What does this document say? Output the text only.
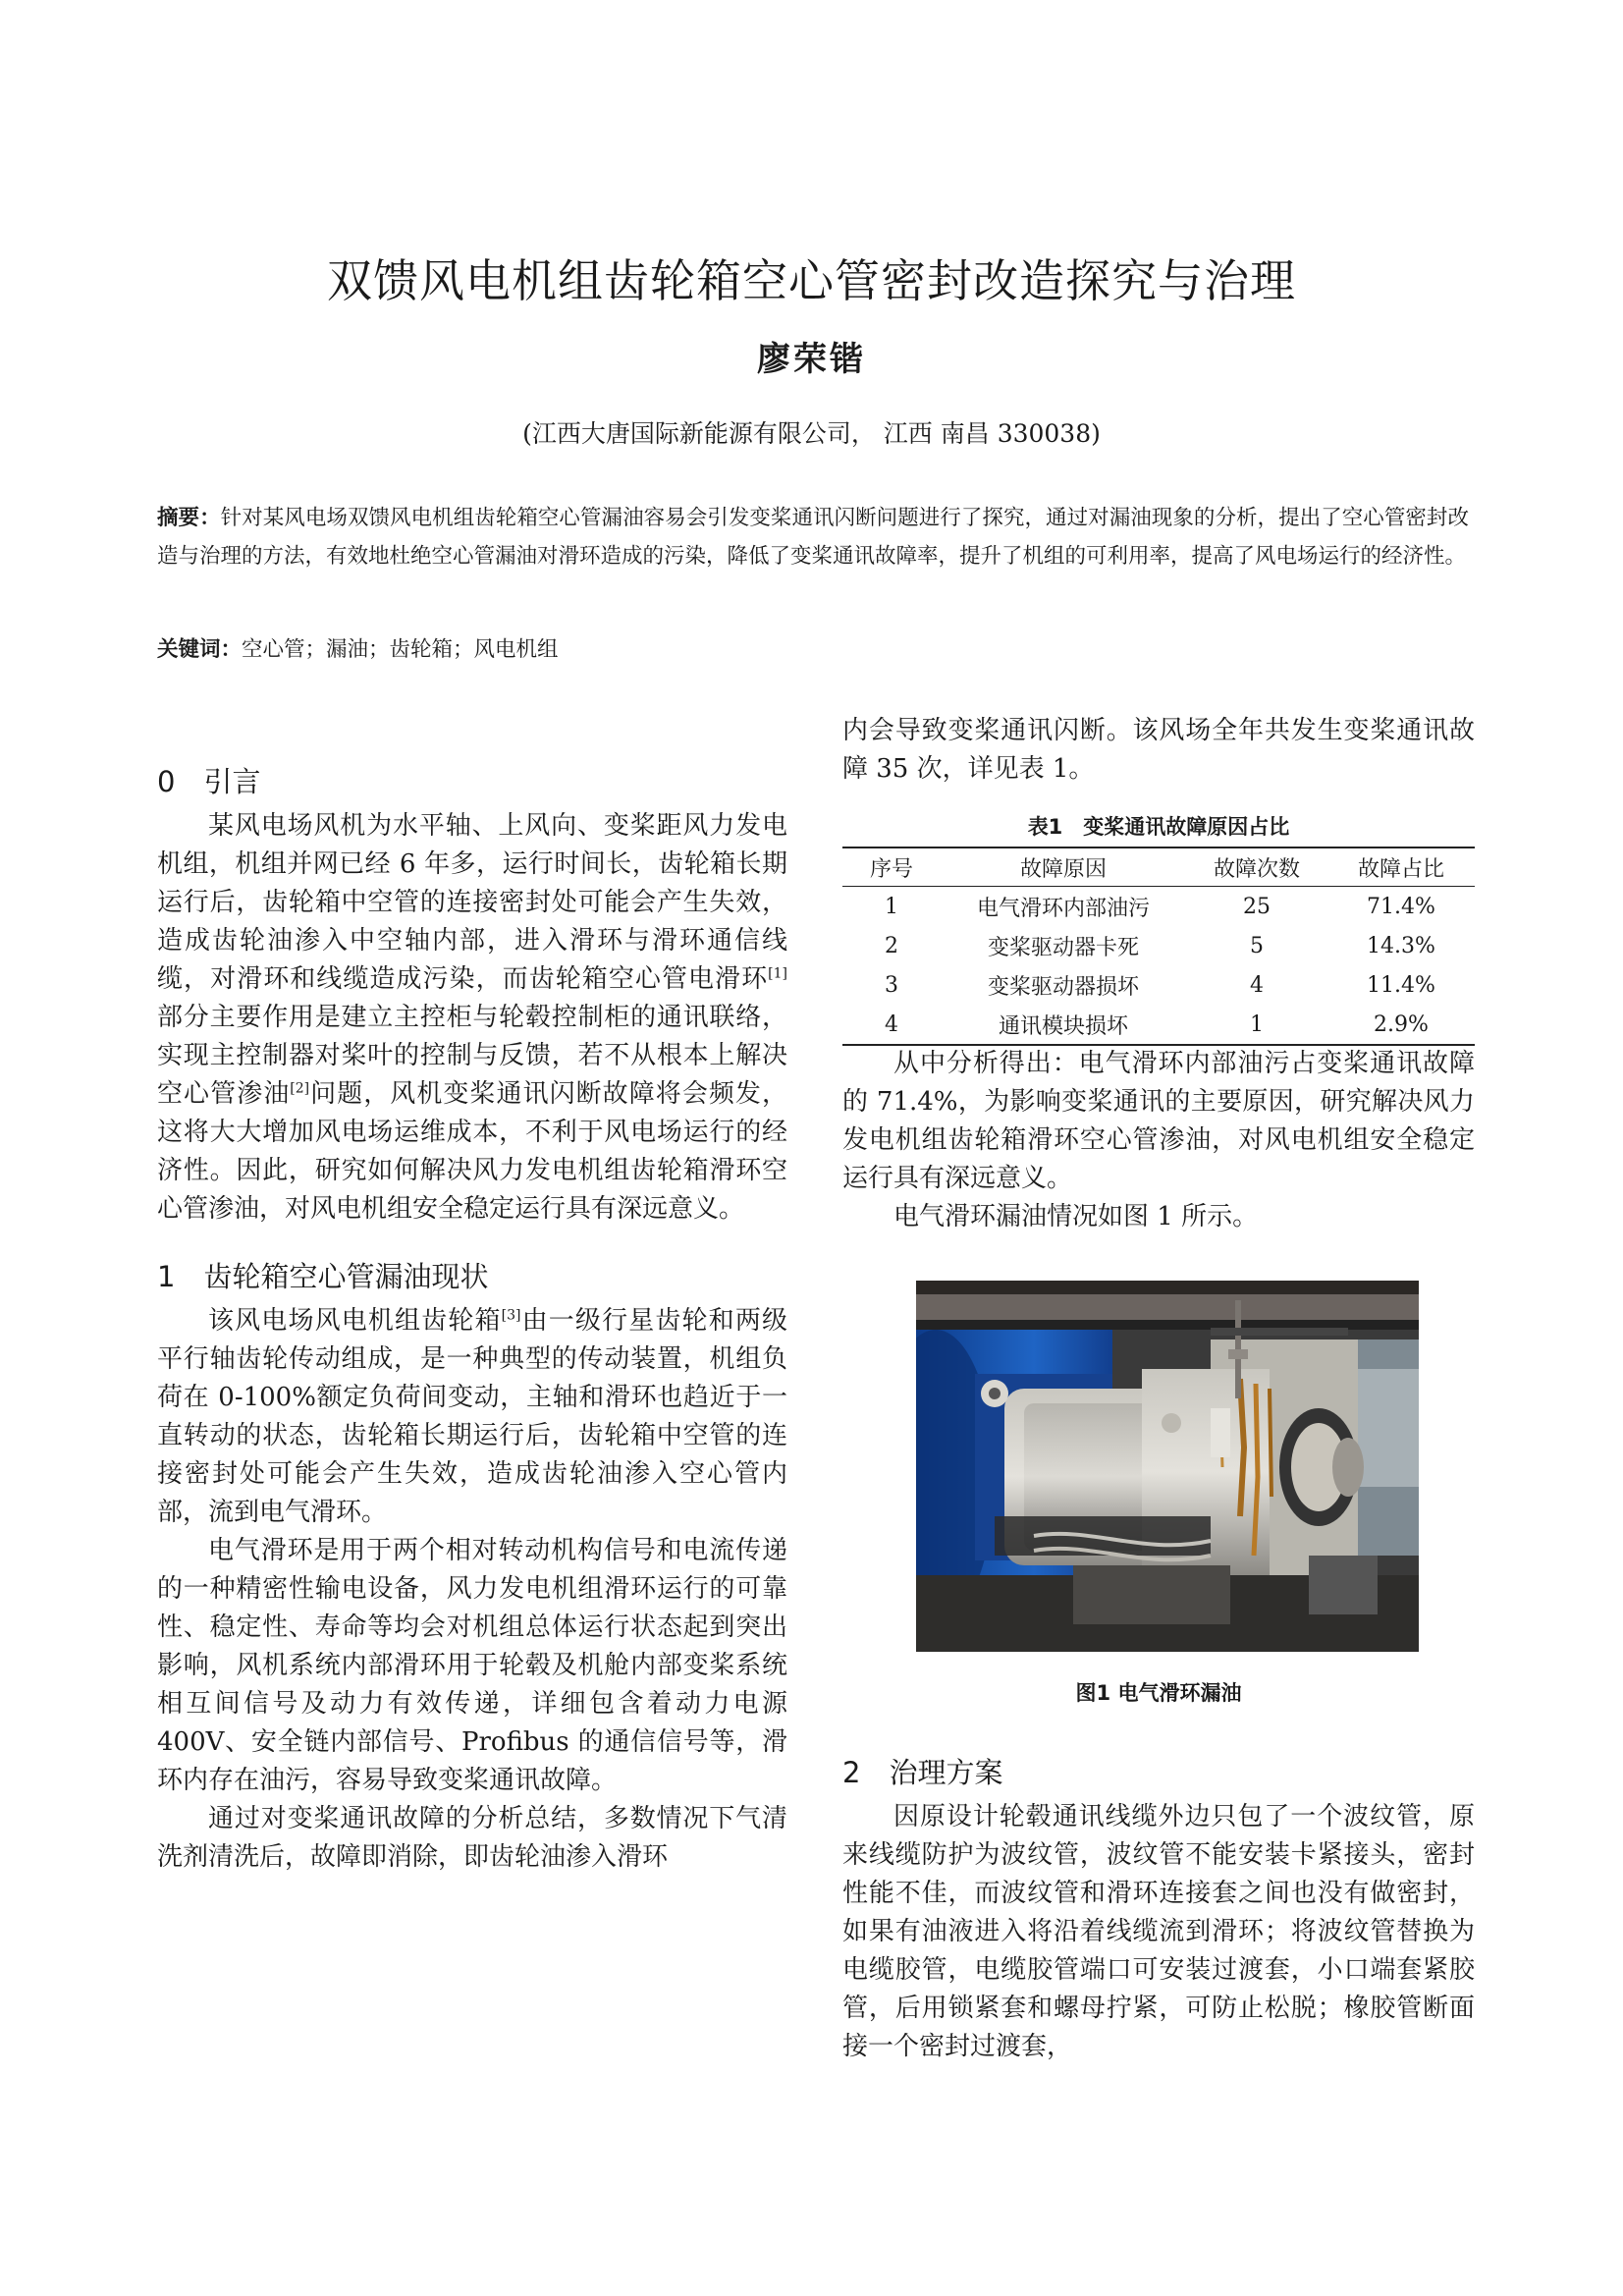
双馈风电机组齿轮箱空心管密封改造探究与治理
廖荣锴
(江西大唐国际新能源有限公司， 江西 南昌 330038)
摘要：针对某风电场双馈风电机组齿轮箱空心管漏油容易会引发变桨通讯闪断问题进行了探究，通过对漏油现象的分析，提出了空心管密封改造与治理的方法，有效地杜绝空心管漏油对滑环造成的污染，降低了变桨通讯故障率，提升了机组的可利用率，提高了风电场运行的经济性。
关键词：空心管；漏油；齿轮箱；风电机组

0　引言

某风电场风机为水平轴、上风向、变桨距风力发电机组，机组并网已经 6 年多，运行时间长，齿轮箱长期运行后，齿轮箱中空管的连接密封处可能会产生失效，造成齿轮油渗入中空轴内部，进入滑环与滑环通信线缆，对滑环和线缆造成污染，而齿轮箱空心管电滑环[1]部分主要作用是建立主控柜与轮毂控制柜的通讯联络，实现主控制器对桨叶的控制与反馈，若不从根本上解决空心管渗油[2]问题，风机变桨通讯闪断故障将会频发，这将大大增加风电场运维成本，不利于风电场运行的经济性。因此，研究如何解决风力发电机组齿轮箱滑环空心管渗油，对风电机组安全稳定运行具有深远意义。

1　齿轮箱空心管漏油现状

该风电场风电机组齿轮箱[3]由一级行星齿轮和两级平行轴齿轮传动组成，是一种典型的传动装置，机组负荷在 0-100%额定负荷间变动，主轴和滑环也趋近于一直转动的状态，齿轮箱长期运行后，齿轮箱中空管的连接密封处可能会产生失效，造成齿轮油渗入空心管内部，流到电气滑环。

电气滑环是用于两个相对转动机构信号和电流传递的一种精密性输电设备，风力发电机组滑环运行的可靠性、稳定性、寿命等均会对机组总体运行状态起到突出影响，风机系统内部滑环用于轮毂及机舱内部变桨系统相互间信号及动力有效传递，详细包含着动力电源 400V、安全链内部信号、Profibus 的通信信号等，滑环内存在油污，容易导致变桨通讯故障。

通过对变桨通讯故障的分析总结，多数情况下气清洗剂清洗后，故障即消除，即齿轮油渗入滑环

内会导致变桨通讯闪断。该风场全年共发生变桨通讯故障 35 次，详见表 1。

表1　变桨通讯故障原因占比
序号	故障原因	故障次数	故障占比
1	电气滑环内部油污	25	71.4%
2	变桨驱动器卡死	5	14.3%
3	变桨驱动器损坏	4	11.4%
4	通讯模块损坏	1	2.9%

从中分析得出：电气滑环内部油污占变桨通讯故障的 71.4%，为影响变桨通讯的主要原因，研究解决风力发电机组齿轮箱滑环空心管渗油，对风电机组安全稳定运行具有深远意义。

电气滑环漏油情况如图 1 所示。

图1 电气滑环漏油

2　治理方案

因原设计轮毂通讯线缆外边只包了一个波纹管，原来线缆防护为波纹管，波纹管不能安装卡紧接头，密封性能不佳，而波纹管和滑环连接套之间也没有做密封，如果有油液进入将沿着线缆流到滑环；将波纹管替换为电缆胶管，电缆胶管端口可安装过渡套，小口端套紧胶管，后用锁紧套和螺母拧紧，可防止松脱；橡胶管断面接一个密封过渡套，
